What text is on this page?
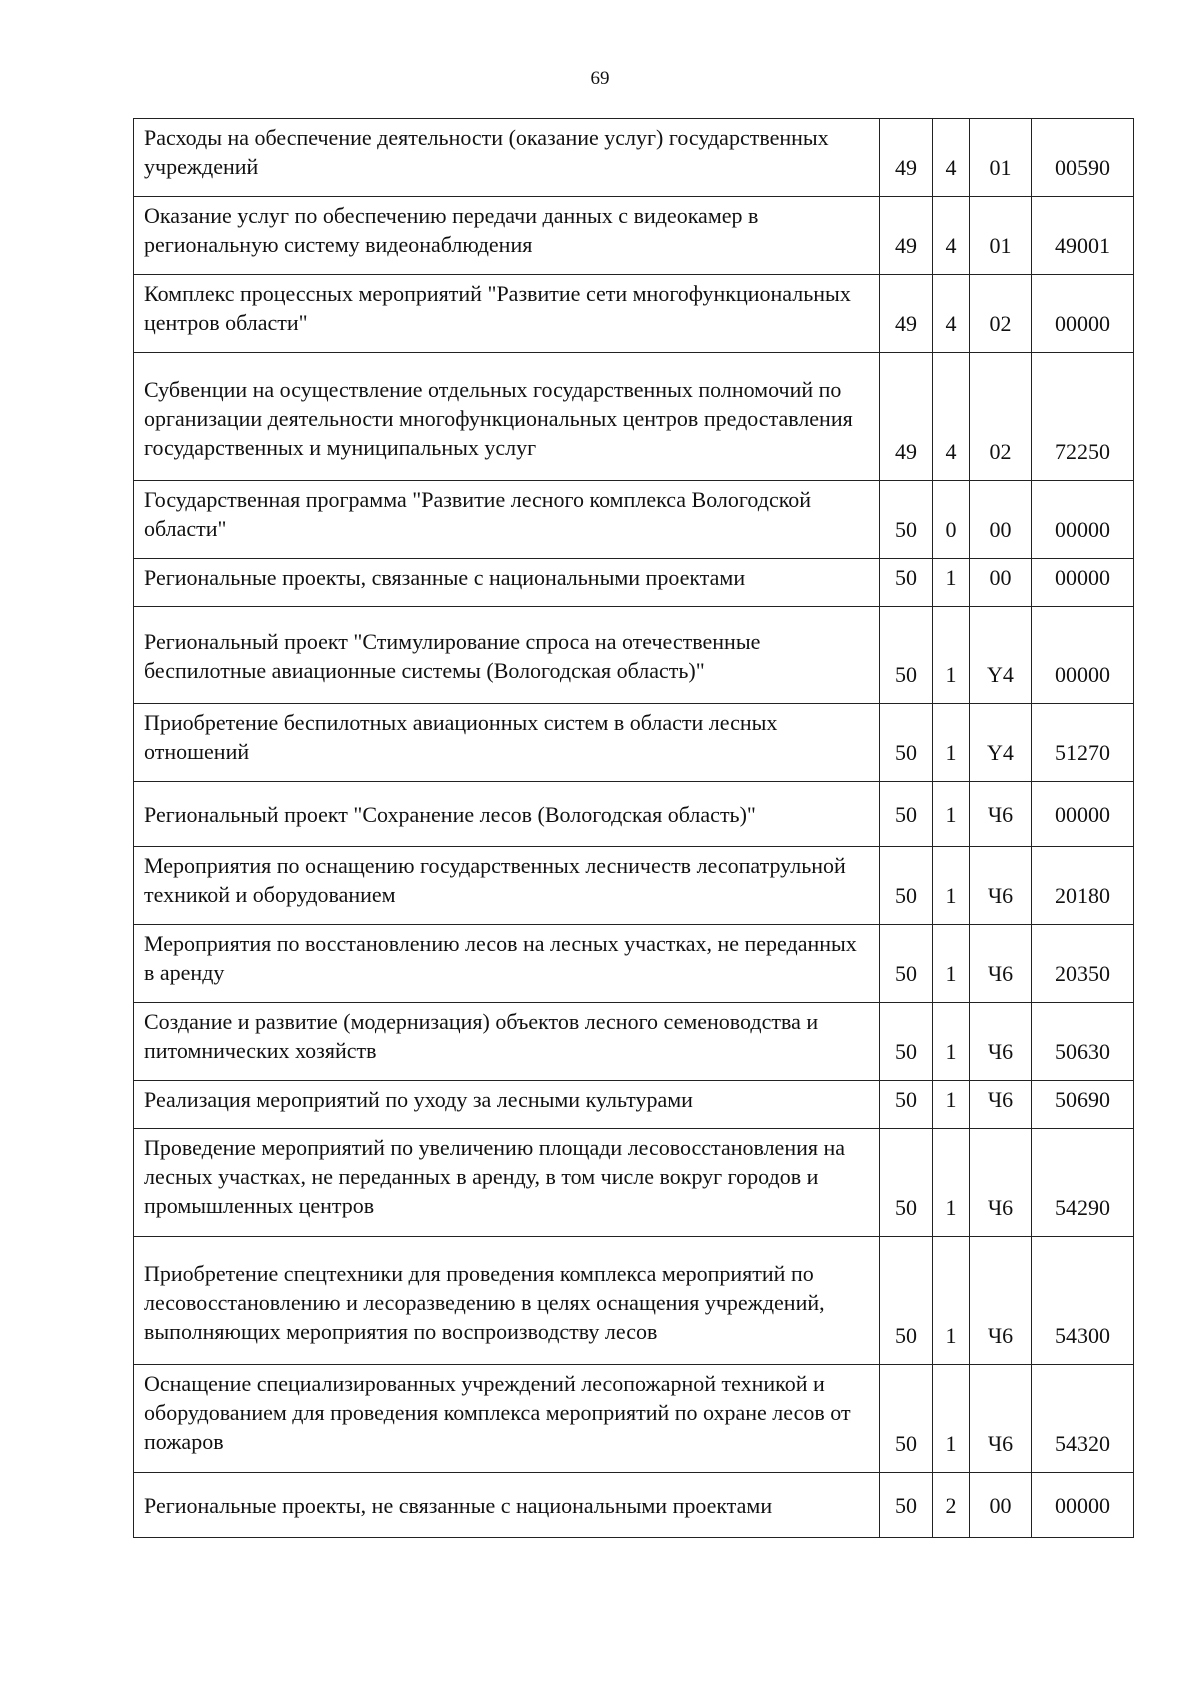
69
Расходы на обеспечение деятельности (оказание услуг) государственных учреждений	49	4	01	00590
Оказание услуг по обеспечению передачи данных с видеокамер в региональную систему видеонаблюдения	49	4	01	49001
Комплекс процессных мероприятий "Развитие сети многофункциональных центров области"	49	4	02	00000
Субвенции на осуществление отдельных государственных полномочий по организации деятельности многофункциональных центров предоставления государственных и муниципальных услуг	49	4	02	72250
Государственная программа "Развитие лесного комплекса Вологодской области"	50	0	00	00000
Региональные проекты, связанные с национальными проектами	50	1	00	00000
Региональный проект "Стимулирование спроса на отечественные беспилотные авиационные системы (Вологодская область)"	50	1	Y4	00000
Приобретение беспилотных авиационных систем в области лесных отношений	50	1	Y4	51270
Региональный проект "Сохранение лесов (Вологодская область)"	50	1	Ч6	00000
Мероприятия по оснащению государственных лесничеств лесопатрульной техникой и оборудованием	50	1	Ч6	20180
Мероприятия по восстановлению лесов на лесных участках, не переданных в аренду	50	1	Ч6	20350
Создание и развитие (модернизация) объектов лесного семеноводства и питомнических хозяйств	50	1	Ч6	50630
Реализация мероприятий по уходу за лесными культурами	50	1	Ч6	50690
Проведение мероприятий по увеличению площади лесовосстановления на лесных участках, не переданных в аренду, в том числе вокруг городов и промышленных центров	50	1	Ч6	54290
Приобретение спецтехники для проведения комплекса мероприятий по лесовосстановлению и лесоразведению в целях оснащения учреждений, выполняющих мероприятия по воспроизводству лесов	50	1	Ч6	54300
Оснащение специализированных учреждений лесопожарной техникой и оборудованием для проведения комплекса мероприятий по охране лесов от пожаров	50	1	Ч6	54320
Региональные проекты, не связанные с национальными проектами	50	2	00	00000
